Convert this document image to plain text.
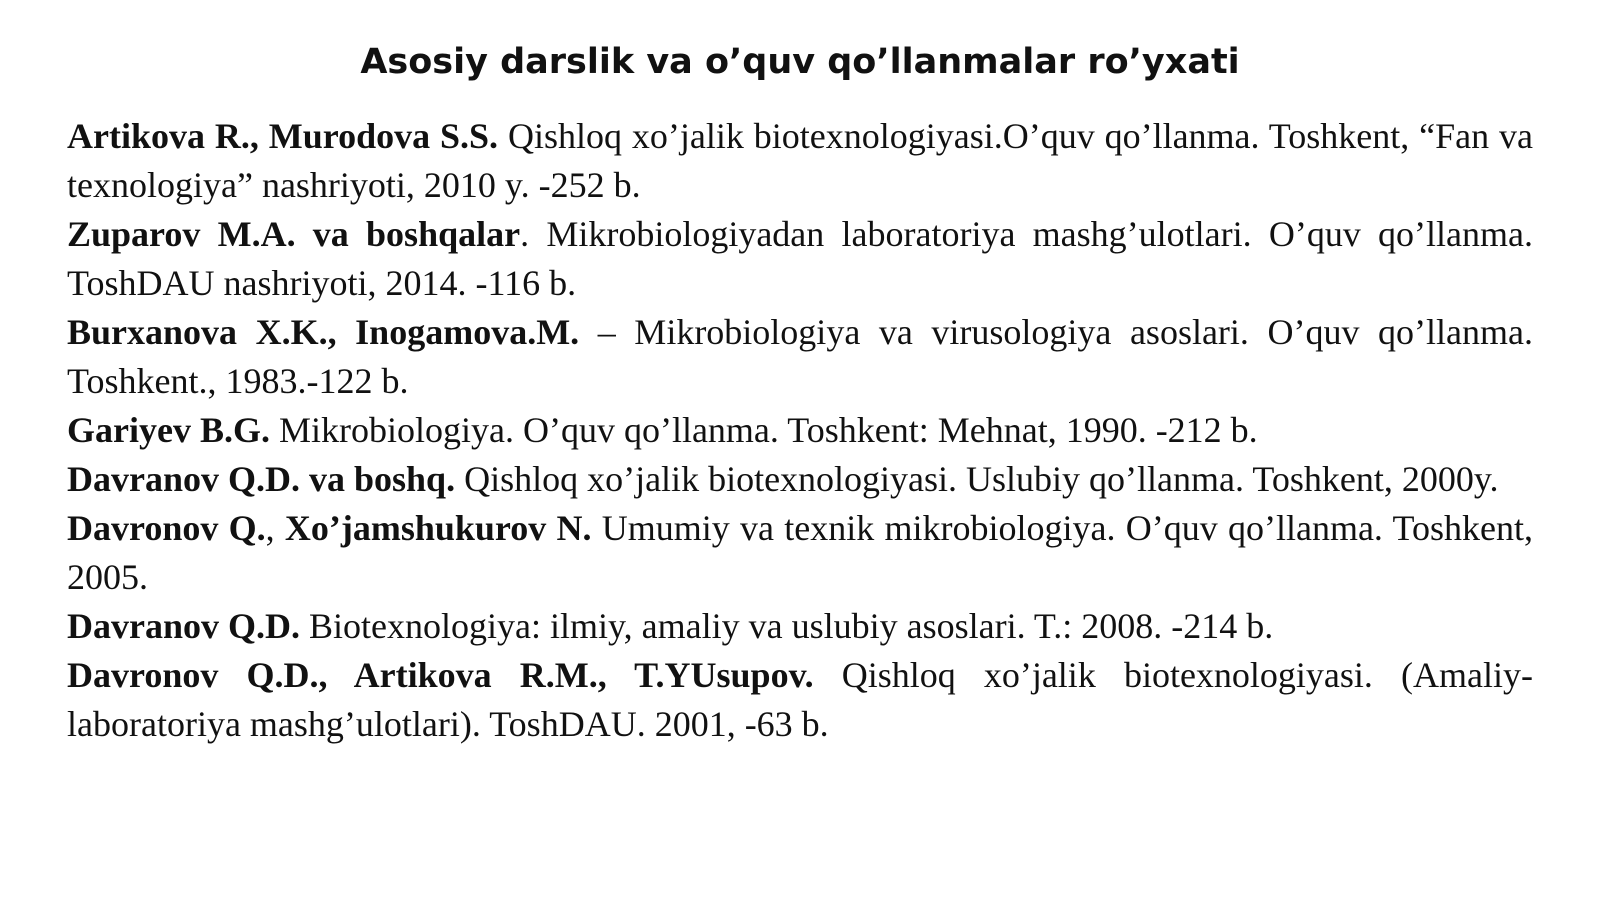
Asosiy darslik va o’quv qo’llanmalar ro’yxati

Artikova R., Murodova S.S. Qishloq xo’jalik biotexnologiyasi.O’quv qo’llanma. Toshkent, “Fan va texnologiya” nashriyoti, 2010 y. -252 b.

Zuparov M.A. va boshqalar. Mikrobiologiyadan laboratoriya mashg’ulotlari. O’quv qo’llanma. ToshDAU nashriyoti, 2014. -116 b.

Burxanova X.K., Inogamova.M. – Mikrobiologiya va virusologiya asoslari. O’quv qo’llanma. Toshkent., 1983.-122 b.

Gariyev B.G. Mikrobiologiya. O’quv qo’llanma. Toshkent: Mehnat, 1990. -212 b.

Davranov Q.D. va boshq. Qishloq xo’jalik biotexnologiyasi. Uslubiy qo’llanma. Toshkent, 2000y.

Davronov Q., Xo’jamshukurov N. Umumiy va texnik mikrobiologiya. O’quv qo’llanma. Toshkent, 2005.

Davranov Q.D. Biotexnologiya: ilmiy, amaliy va uslubiy asoslari. T.: 2008. -214 b.

Davronov Q.D., Artikova R.M., T.YUsupov. Qishloq xo’jalik biotexnologiyasi. (Amaliy-laboratoriya mashg’ulotlari). ToshDAU. 2001, -63 b.
